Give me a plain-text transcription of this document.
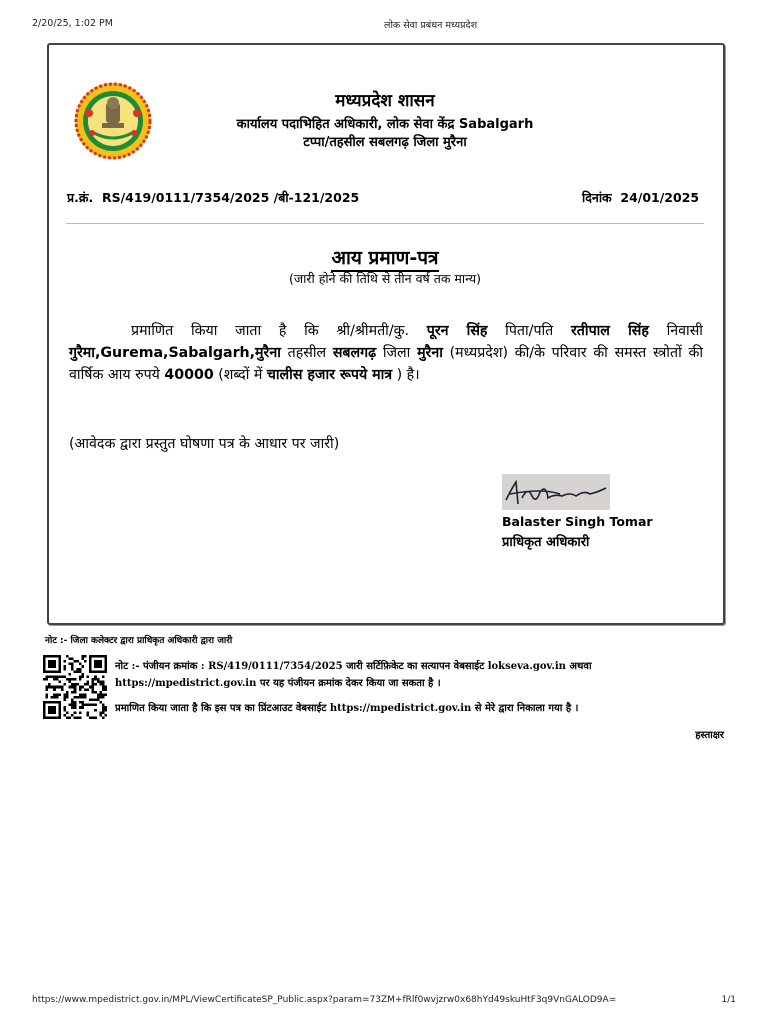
2/20/25, 1:02 PM	लोक सेवा प्रबंधन मध्यप्रदेश
मध्यप्रदेश शासन
कार्यालय पदाभिहित अधिकारी, लोक सेवा केंद्र Sabalgarh
टप्पा/तहसील सबलगढ़ जिला मुरैना
प्र.क्रं. RS/419/0111/7354/2025 /बी-121/2025	दिनांक 24/01/2025
आय प्रमाण-पत्र
(जारी होने की तिथि से तीन वर्ष तक मान्य)
प्रमाणित किया जाता है कि श्री/श्रीमती/कु. पूरन सिंह पिता/पति रतीपाल सिंह निवासी गुरैमा,Gurema,Sabalgarh,मुरैना तहसील सबलगढ़ जिला मुरैना (मध्यप्रदेश) की/के परिवार की समस्त स्त्रोतों की वार्षिक आय रुपये 40000 (शब्दों में चालीस हजार रूपये मात्र ) है।
(आवेदक द्वारा प्रस्तुत घोषणा पत्र के आधार पर जारी)
Balaster Singh Tomar
प्राधिकृत अधिकारी
नोट :- जिला कलेक्टर द्वारा प्राधिकृत अधिकारी द्वारा जारी
नोट :- पंजीयन क्रमांक : RS/419/0111/7354/2025 जारी सर्टिफ़िकेट का सत्यापन वेबसाईट lokseva.gov.in अथवा
https://mpedistrict.gov.in पर यह पंजीयन क्रमांक देकर किया जा सकता है ।
प्रमाणित किया जाता है कि इस पत्र का प्रिंटआउट वेबसाईट https://mpedistrict.gov.in से मेरे द्वारा निकाला गया है ।
हस्ताक्षर
https://www.mpedistrict.gov.in/MPL/ViewCertificateSP_Public.aspx?param=73ZM+fRlf0wvjzrw0x68hYd49skuHtF3q9VnGALOD9A=	1/1
